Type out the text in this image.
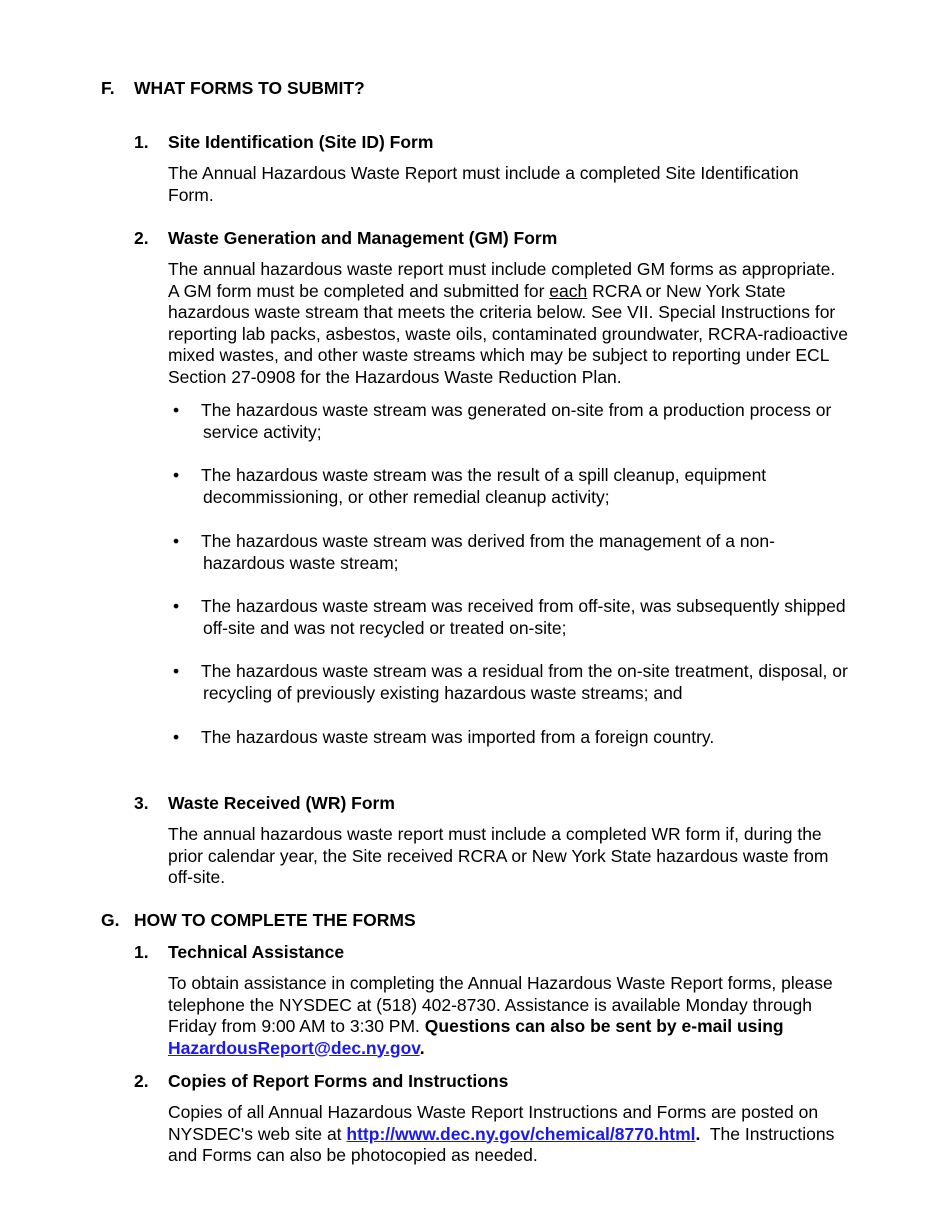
F. WHAT FORMS TO SUBMIT?
1. Site Identification (Site ID) Form

The Annual Hazardous Waste Report must include a completed Site Identification

Form.

2. Waste Generation and Management (GM) Form

The annual hazardous waste report must include completed GM forms as appropriate.

A GM form must be completed and submitted for each RCRA or New York State

hazardous waste stream that meets the criteria below. See VII. Special Instructions for

reporting lab packs, asbestos, waste oils, contaminated groundwater, RCRA-radioactive

mixed wastes, and other waste streams which may be subject to reporting under ECL

Section 27-0908 for the Hazardous Waste Reduction Plan.

•	The hazardous waste stream was generated on-site from a production process or
service activity;
•	The hazardous waste stream was the result of a spill cleanup, equipment
decommissioning, or other remedial cleanup activity;
•	The hazardous waste stream was derived from the management of a non-
hazardous waste stream;
•	The hazardous waste stream was received from off-site, was subsequently shipped
off-site and was not recycled or treated on-site;
•	The hazardous waste stream was a residual from the on-site treatment, disposal, or
recycling of previously existing hazardous waste streams; and
•	The hazardous waste stream was imported from a foreign country.
3. Waste Received (WR) Form

The annual hazardous waste report must include a completed WR form if, during the

prior calendar year, the Site received RCRA or New York State hazardous waste from

off-site.

G. HOW TO COMPLETE THE FORMS
1. Technical Assistance

To obtain assistance in completing the Annual Hazardous Waste Report forms, please

telephone the NYSDEC at (518) 402-8730. Assistance is available Monday through

Friday from 9:00 AM to 3:30 PM. Questions can also be sent by e-mail using

HazardousReport@dec.ny.gov.

2. Copies of Report Forms and Instructions

Copies of all Annual Hazardous Waste Report Instructions and Forms are posted on

NYSDEC's web site at http://www.dec.ny.gov/chemical/8770.html.  The Instructions

and Forms can also be photocopied as needed.
